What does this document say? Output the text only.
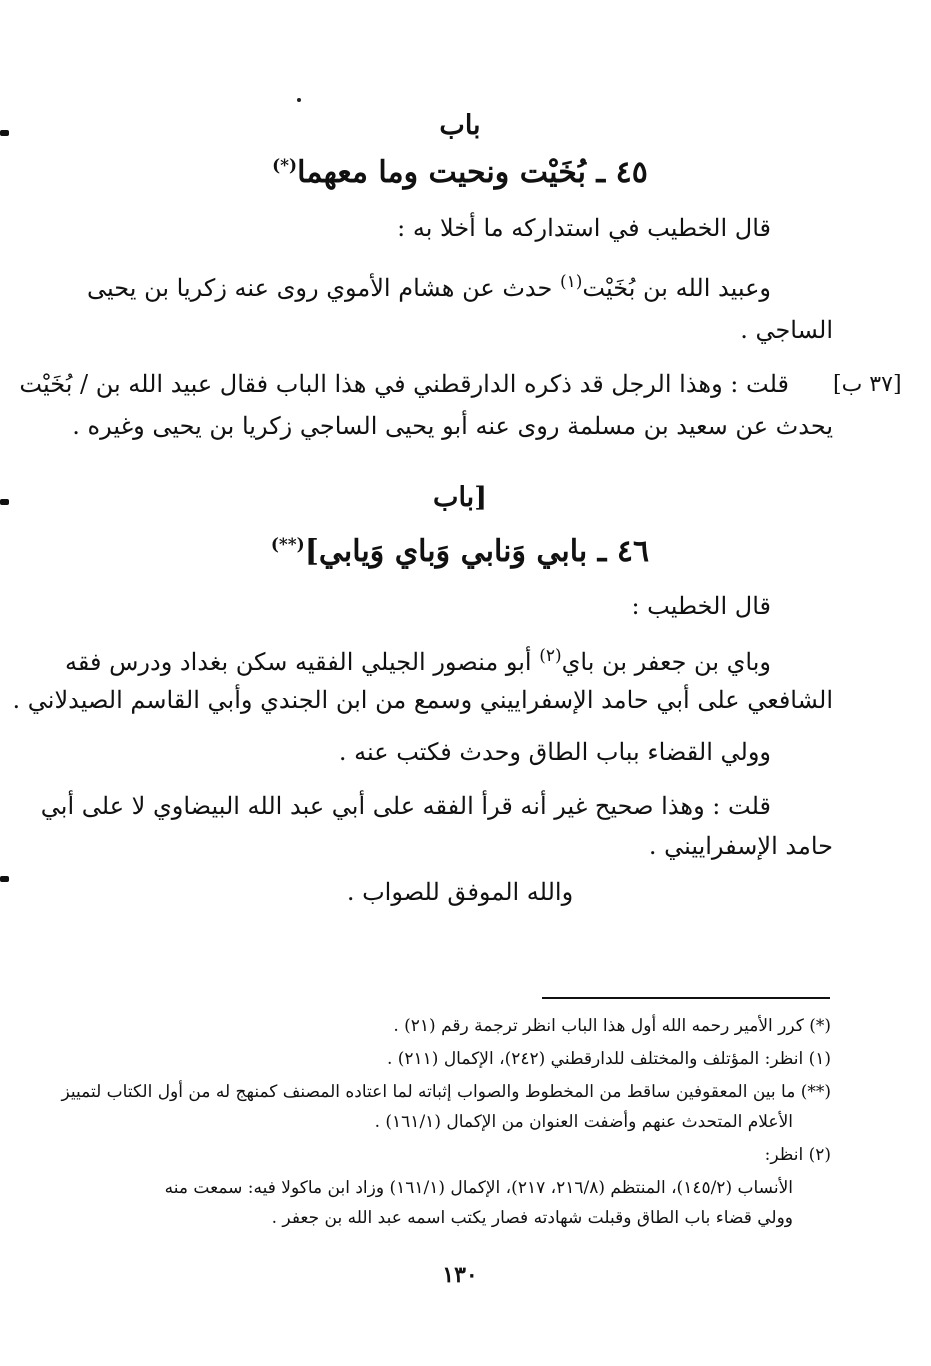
باب
٤٥ ـ بُخَيْت ونحيت وما معهما(*)
قال الخطيب في استداركه ما أخلا به :
وعبيد الله بن بُخَيْت$^{(١)}$ حدث عن هشام الأموي روى عنه زكريا بن يحيى
الساجي .
[٣٧ ب]
قلت : وهذا الرجل قد ذكره الدارقطني في هذا الباب فقال عبيد الله بن / بُخَيْت
يحدث عن سعيد بن مسلمة روى عنه أبو يحيى الساجي زكريا بن يحيى وغيره .
[باب
٤٦ ـ بابي وَنابي وَباي وَيابي](**)
قال الخطيب :
وباي بن جعفر بن باي$^{(٢)}$ أبو منصور الجيلي الفقيه سكن بغداد ودرس فقه
الشافعي على أبي حامد الإسفراييني وسمع من ابن الجندي وأبي القاسم الصيدلاني .
وولي القضاء بباب الطاق وحدث فكتب عنه .
قلت : وهذا صحيح غير أنه قرأ الفقه على أبي عبد الله البيضاوي لا على أبي
حامد الإسفراييني .
والله الموفق للصواب .
(*) كرر الأمير رحمه الله أول هذا الباب انظر ترجمة رقم (٢١) .
(١) انظر: المؤتلف والمختلف للدارقطني (٢٤٢)، الإكمال (٢١١) .
(**) ما بين المعقوفين ساقط من المخطوط والصواب إثباته لما اعتاده المصنف كمنهج له من أول الكتاب لتمييز
الأعلام المتحدث عنهم وأضفت العنوان من الإكمال (١٦١/١) .
(٢) انظر:
الأنساب (١٤٥/٢)، المنتظم (٢١٦/٨، ٢١٧)، الإكمال (١٦١/١) وزاد ابن ماكولا فيه: سمعت منه
وولي قضاء باب الطاق وقبلت شهادته فصار يكتب اسمه عبد الله بن جعفر .
١٣٠
